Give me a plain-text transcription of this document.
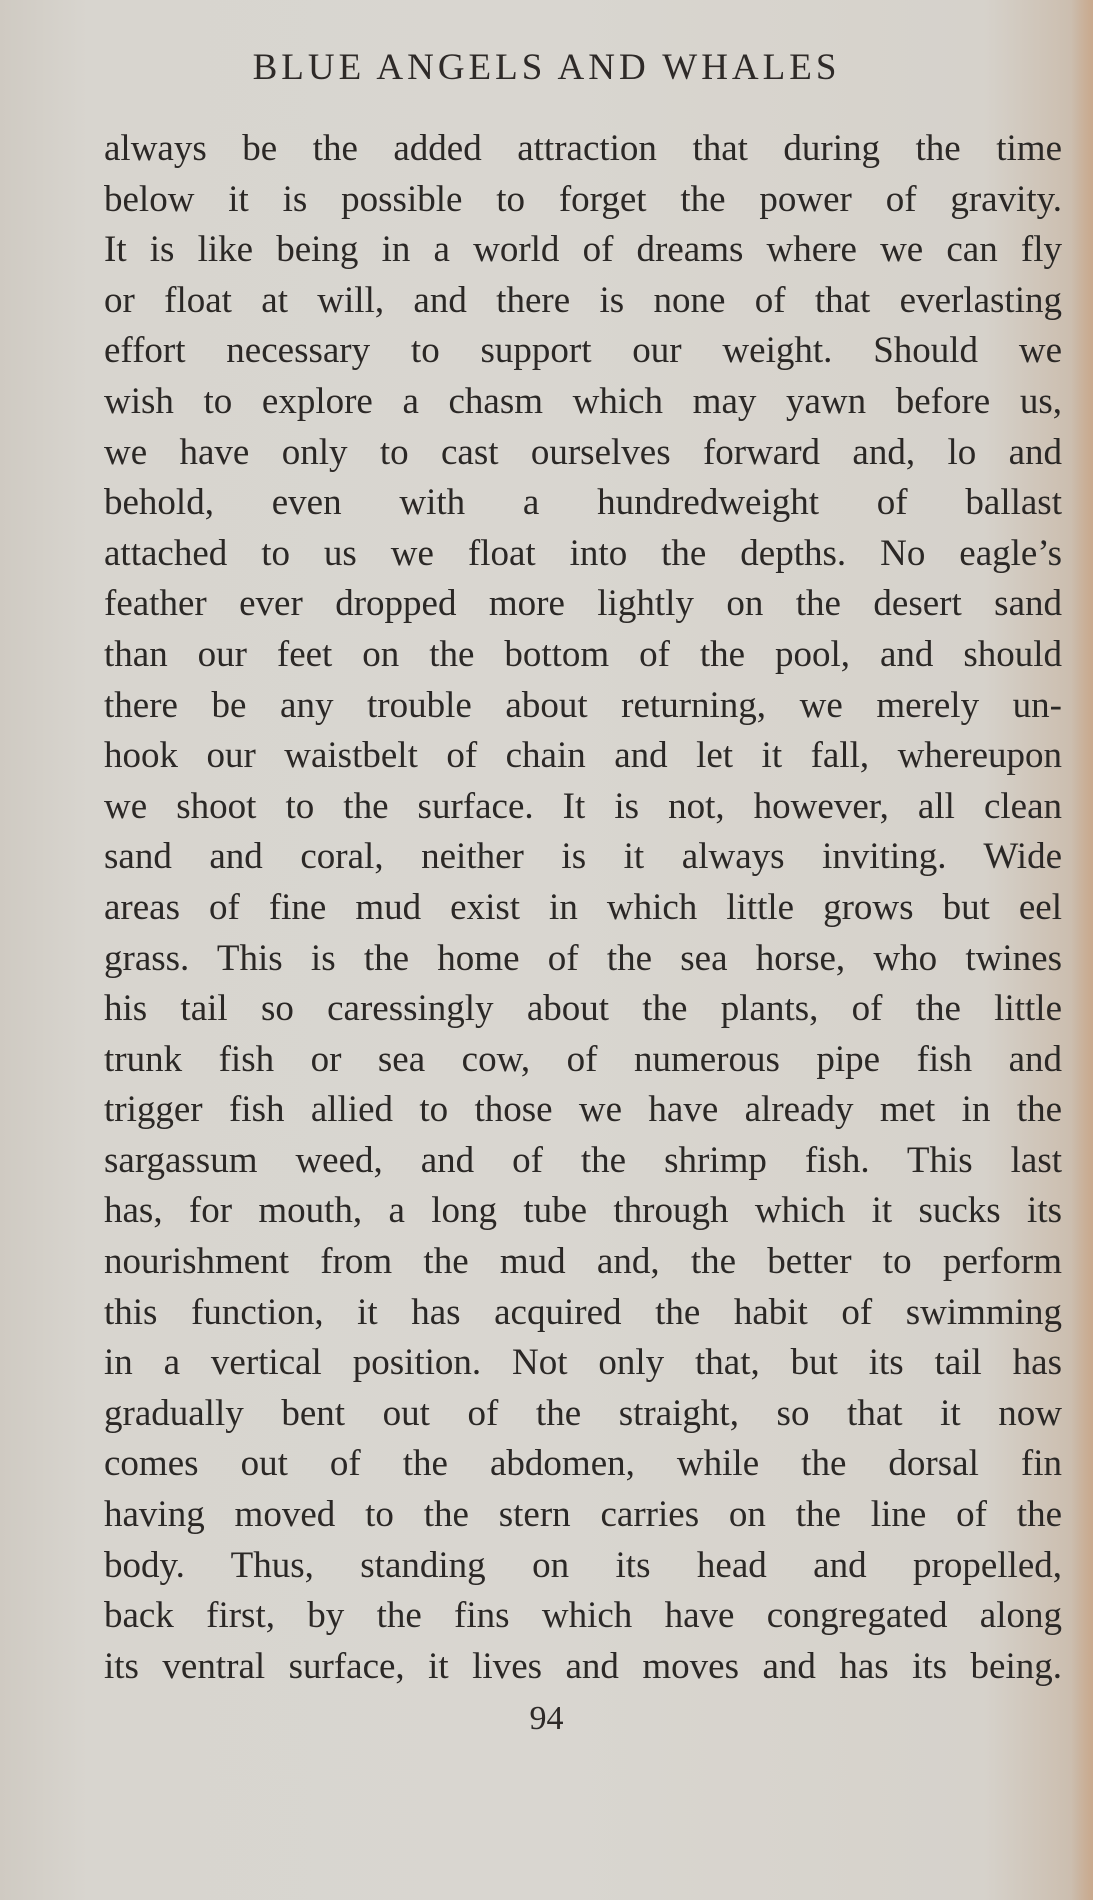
BLUE ANGELS AND WHALES
always be the added attraction that during the time
below it is possible to forget the power of gravity.
It is like being in a world of dreams where we can fly
or float at will, and there is none of that everlasting
effort necessary to support our weight. Should we
wish to explore a chasm which may yawn before us,
we have only to cast ourselves forward and, lo and
behold, even with a hundredweight of ballast
attached to us we float into the depths. No eagle’s
feather ever dropped more lightly on the desert sand
than our feet on the bottom of the pool, and should
there be any trouble about returning, we merely un-
hook our waistbelt of chain and let it fall, whereupon
we shoot to the surface. It is not, however, all clean
sand and coral, neither is it always inviting. Wide
areas of fine mud exist in which little grows but eel
grass. This is the home of the sea horse, who twines
his tail so caressingly about the plants, of the little
trunk fish or sea cow, of numerous pipe fish and
trigger fish allied to those we have already met in the
sargassum weed, and of the shrimp fish. This last
has, for mouth, a long tube through which it sucks its
nourishment from the mud and, the better to perform
this function, it has acquired the habit of swimming
in a vertical position. Not only that, but its tail has
gradually bent out of the straight, so that it now
comes out of the abdomen, while the dorsal fin
having moved to the stern carries on the line of the
body. Thus, standing on its head and propelled,
back first, by the fins which have congregated along
its ventral surface, it lives and moves and has its being.
94
